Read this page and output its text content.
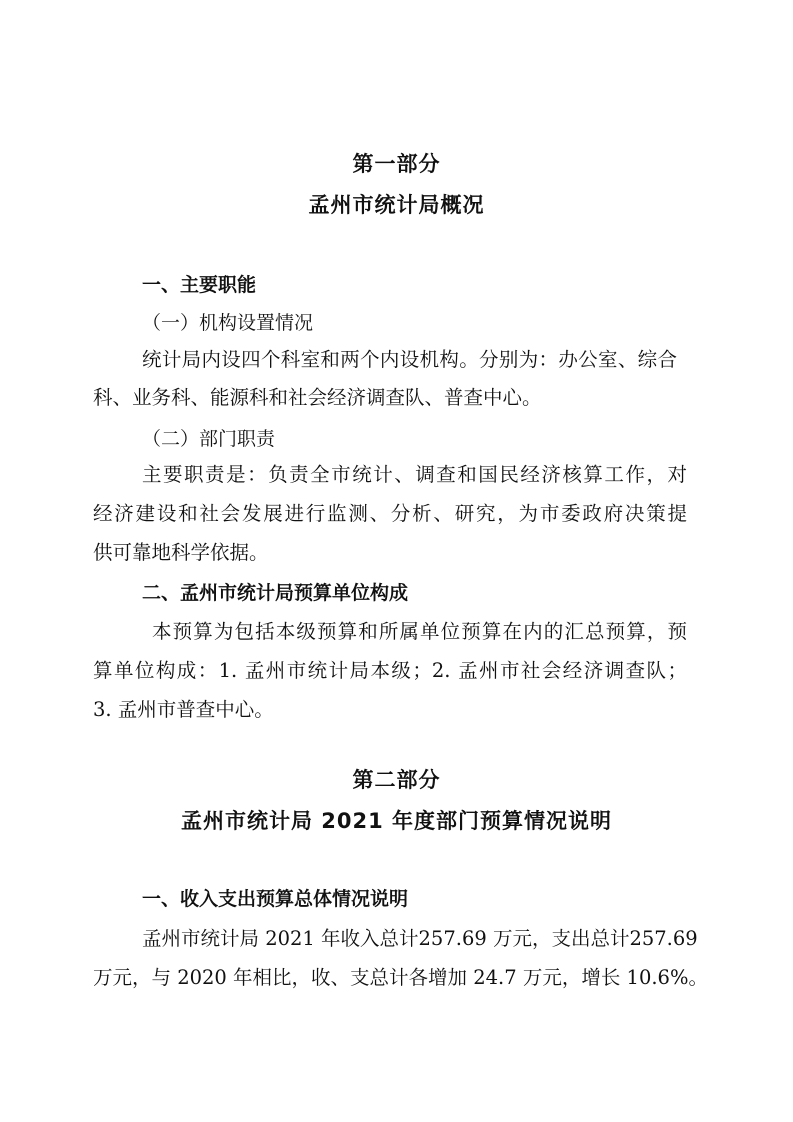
第一部分
孟州市统计局概况
一、主要职能
（一）机构设置情况
统计局内设四个科室和两个内设机构。分别为：办公室、综合
科、业务科、能源科和社会经济调查队、普查中心。
（二）部门职责
主要职责是：负责全市统计、调查和国民经济核算工作，对
经济建设和社会发展进行监测、分析、研究，为市委政府决策提
供可靠地科学依据。
二、孟州市统计局预算单位构成
本预算为包括本级预算和所属单位预算在内的汇总预算，预
算单位构成：1. 孟州市统计局本级；2. 孟州市社会经济调查队；
3. 孟州市普查中心。
第二部分
孟州市统计局 2021 年度部门预算情况说明
一、收入支出预算总体情况说明
孟州市统计局 2021 年收入总计257.69 万元，支出总计257.69
万元，与 2020 年相比，收、支总计各增加 24.7 万元，增长 10.6%。
